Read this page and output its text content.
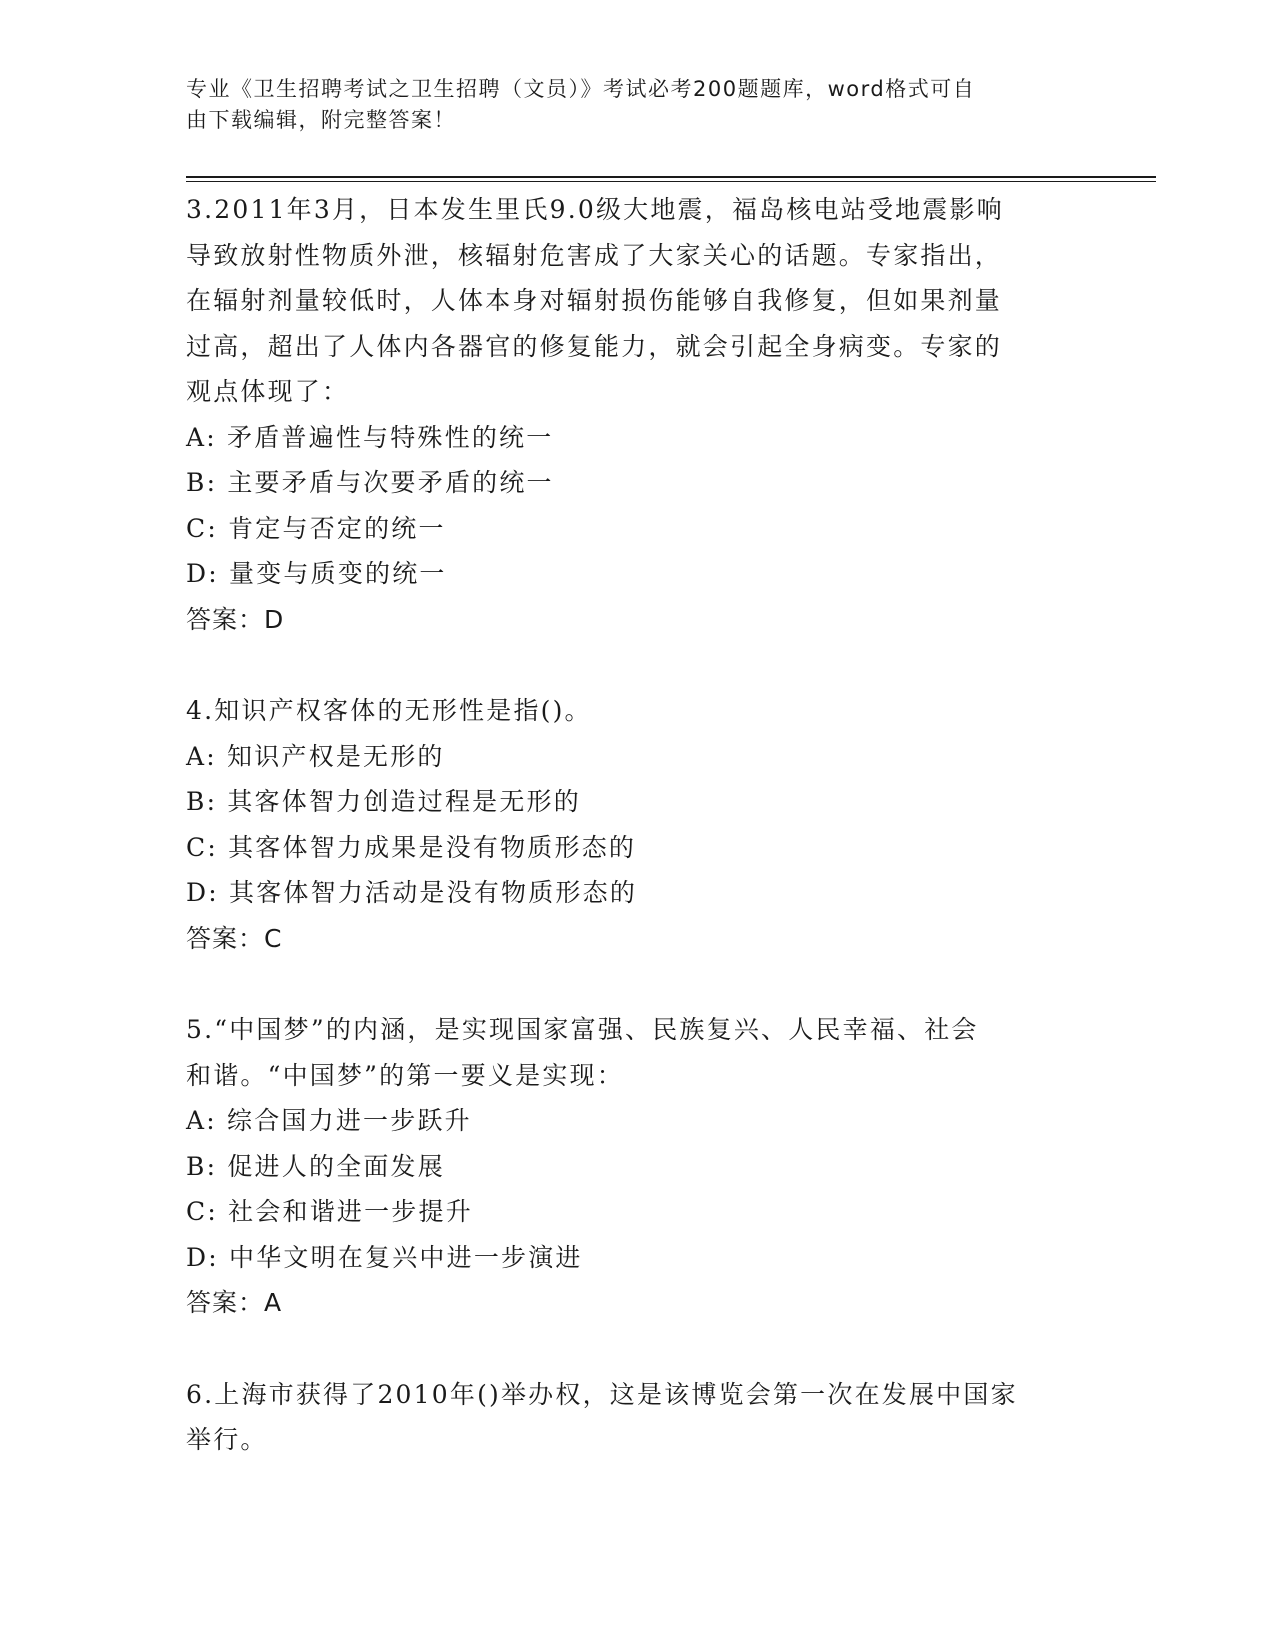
专业《卫生招聘考试之卫生招聘（文员）》考试必考200题题库，word格式可自
由下载编辑，附完整答案！
3.2011年3月，日本发生里氏9.0级大地震，福岛核电站受地震影响
导致放射性物质外泄，核辐射危害成了大家关心的话题。专家指出，
在辐射剂量较低时，人体本身对辐射损伤能够自我修复，但如果剂量
过高，超出了人体内各器官的修复能力，就会引起全身病变。专家的
观点体现了：
A: 矛盾普遍性与特殊性的统一
B: 主要矛盾与次要矛盾的统一
C: 肯定与否定的统一
D: 量变与质变的统一
答案：D
4.知识产权客体的无形性是指()。
A: 知识产权是无形的
B: 其客体智力创造过程是无形的
C: 其客体智力成果是没有物质形态的
D: 其客体智力活动是没有物质形态的
答案：C
5.“中国梦”的内涵，是实现国家富强、民族复兴、人民幸福、社会
和谐。“中国梦”的第一要义是实现：
A: 综合国力进一步跃升
B: 促进人的全面发展
C: 社会和谐进一步提升
D: 中华文明在复兴中进一步演进
答案：A
6.上海市获得了2010年()举办权，这是该博览会第一次在发展中国家
举行。
